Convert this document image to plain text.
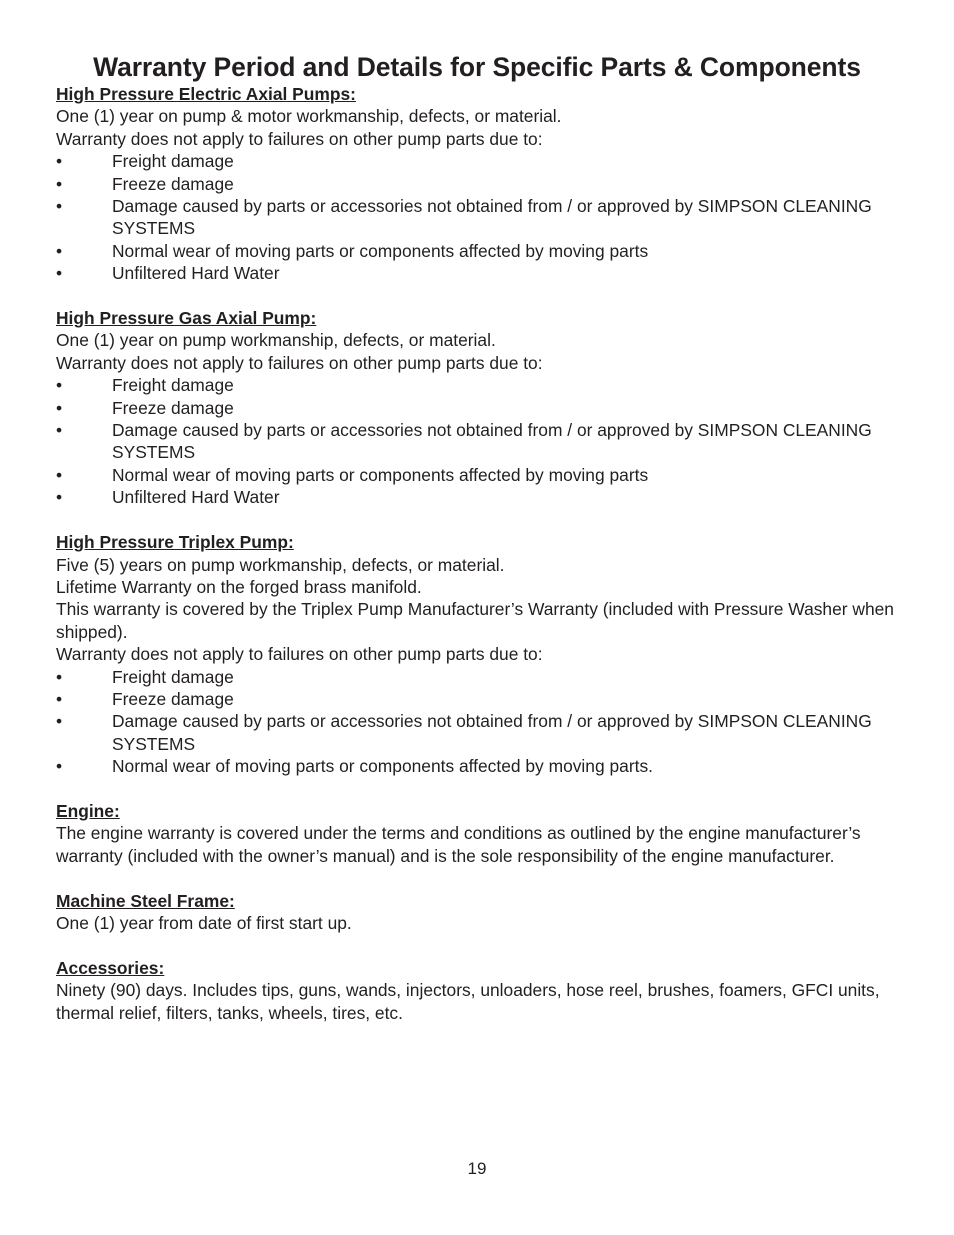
Warranty Period and Details for Specific Parts & Components
High Pressure Electric Axial Pumps:
One (1) year on pump & motor workmanship, defects, or material.
Warranty does not apply to failures on other pump parts due to:
•	Freight damage
•	Freeze damage
•	Damage caused by parts or accessories not obtained from / or approved by SIMPSON CLEANING SYSTEMS
•	Normal wear of moving parts or components affected by moving parts
•	Unfiltered Hard Water
High Pressure Gas Axial Pump:
One (1) year on pump workmanship, defects, or material.
Warranty does not apply to failures on other pump parts due to:
•	Freight damage
•	Freeze damage
•	Damage caused by parts or accessories not obtained from / or approved by SIMPSON CLEANING SYSTEMS
•	Normal wear of moving parts or components affected by moving parts
•	Unfiltered Hard Water
High Pressure Triplex Pump:
Five (5) years on pump workmanship, defects, or material.
Lifetime Warranty on the forged brass manifold.
This warranty is covered by the Triplex Pump Manufacturer’s Warranty (included with Pressure Washer when shipped).
Warranty does not apply to failures on other pump parts due to:
•	Freight damage
•	Freeze damage
•	Damage caused by parts or accessories not obtained from / or approved by SIMPSON CLEANING SYSTEMS
•	Normal wear of moving parts or components affected by moving parts.
Engine:
The engine warranty is covered under the terms and conditions as outlined by the engine manufacturer’s warranty (included with the owner’s manual) and is the sole responsibility of the engine manufacturer.
Machine Steel Frame:
One (1) year from date of first start up.
Accessories:
Ninety (90) days. Includes tips, guns, wands, injectors, unloaders, hose reel, brushes, foamers, GFCI units, thermal relief, filters, tanks, wheels, tires, etc.
19
